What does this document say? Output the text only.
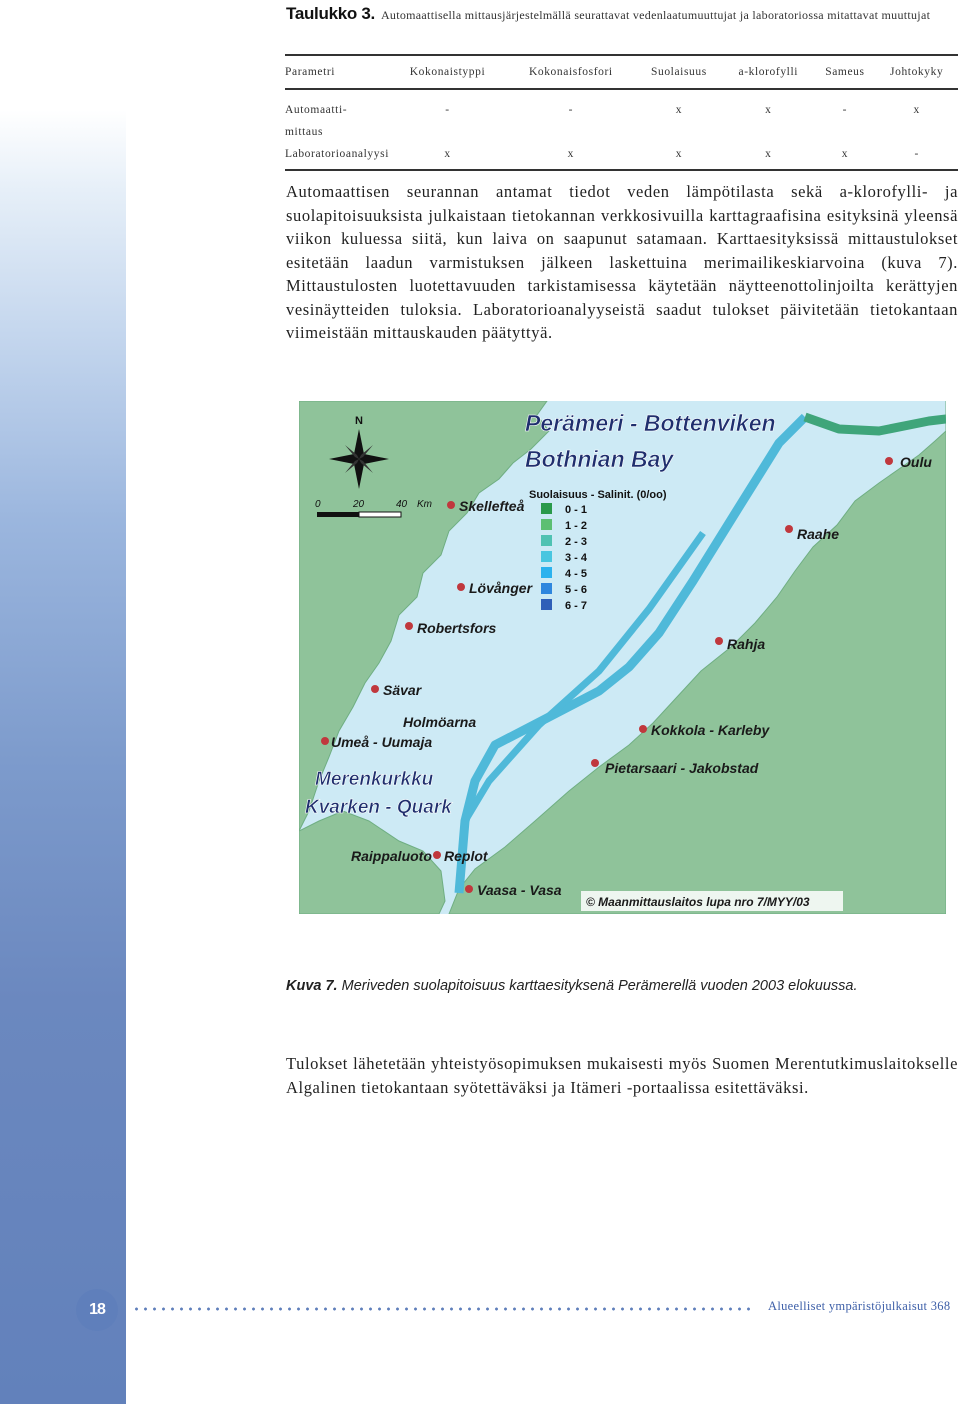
Taulukko 3. Automaattisella mittausjärjestelmällä seurattavat vedenlaatumuuttujat ja laboratoriossa mitattavat muuttujat
Parametri	Kokonaistyppi	Kokonaisfosfori	Suolaisuus	a-klorofylli	Sameus	Johtokyky
Automaatti-
mittaus	-	-	x	x	-	x
Laboratorioanalyysi	x	x	x	x	x	-
Automaattisen seurannan antamat tiedot veden lämpötilasta sekä a-klorofylli- ja suolapitoisuuksista julkaistaan tietokannan verkkosivuilla karttagraafisina esityksinä yleensä viikon kuluessa siitä, kun laiva on saapunut satamaan. Karttaesityksissä mittaustulokset esitetään laadun varmistuksen jälkeen laskettuina merimailikeskiarvoina (kuva 7). Mittaustulosten luotettavuuden tarkistamisessa käytetään näytteenottolinjoilta kerättyjen vesinäytteiden tuloksia. Laboratorioanalyyseistä saadut tulokset päivitetään tietokantaan viimeistään mittauskauden päätyttyä.
N
0	20	40 Km
Perämeri - Bottenviken
Bothnian Bay
Suolaisuus - Salinit. (0/oo)
0 - 1
1 - 2
2 - 3
3 - 4
4 - 5
5 - 6
6 - 7
Oulu
Skellefteå
Raahe
Lövånger
Robertsfors
Rahja
Sävar
Holmöarna
Umeå - Uumaja
Kokkola - Karleby
Pietarsaari - Jakobstad
Raippaluoto Replot
Vaasa - Vasa
Merenkurkku
Kvarken - Quark
© Maanmittauslaitos lupa nro 7/MYY/03
Kuva 7. Meriveden suolapitoisuus karttaesityksenä Perämerellä vuoden 2003 elokuussa.
Tulokset lähetetään yhteistyösopimuksen mukaisesti myös Suomen Merentutkimuslaitokselle Algalinen tietokantaan syötettäväksi ja Itämeri -portaalissa esitettäväksi.
18	Alueelliset ympäristöjulkaisut 368
